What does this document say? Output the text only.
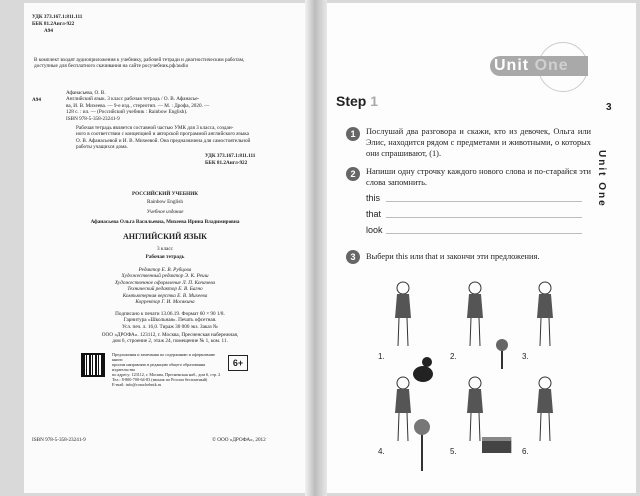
УДК 373.167.1:811.111
ББК 81.2Англ-922
А94
В комплект входят аудиоприложения к учебнику, рабочей тетради и диагностическим работам,
доступные для бесплатного скачивания на сайте росучебник.рф/audio
А94
Афанасьева, О. В.
Английский язык. 3 класс рабочая тетрадь / О. В. Афанасье-
ва, И. В. Михеева. — 9-е изд., стереотип. — М. : Дрофа, 2020. —
128 с. : ил. — (Российский учебник : Rainbow English).
ISBN 978-5-358-23241-9
Рабочая тетрадь является составной частью УМК для 3 класса, создан-
ного в соответствии с концепцией и авторской программой английского языка
О. В. Афанасьевой и И. В. Михеевой. Она предназначена для самостоятельной
работы учащихся дома.
УДК 373.167.1:811.111
ББК 81.2Англ-922
РОССИЙСКИЙ УЧЕБНИК
Rainbow English
Учебное издание
Афанасьева Ольга Васильевна, Михеева Ирина Владимировна
АНГЛИЙСКИЙ ЯЗЫК
3 класс
Рабочая тетрадь
Редактор Е. В. Рубцова
Художественный редактор Э. К. Реиш
Художественное оформление Л. П. Копачева
Технический редактор Е. В. Багно
Компьютерная верстка Е. В. Михеева
Корректор Г. И. Мосякина
Подписано к печати 13.06.19. Формат 60 × 90 1/8.
Гарнитура «Школьная». Печать офсетная.
Усл. печ. л. 16,0. Тираж 30 000 экз. Заказ №
ООО «ДРОФА». 123112, г. Москва, Пресненская набережная,
дом 6, строение 2, этаж 24, помещение № 1, ком. 11.
Предложения и замечания по содержанию и оформлению книги
просим направлять в редакцию общего образования издательства
по адресу: 123112, г. Москва, Пресненская наб., дом 6, стр. 2
Тел.: 8-800-700-64-83 (звонок по России бесплатный)
E-mail: info@rosuchebnik.ru
6+
ISBN 978-5-358-23241-9	© ООО «ДРОФА», 2012
Unit One
Step 1	3
Unit One
1	Послушай два разговора и скажи, кто из девочек, Ольга или Элис, находится рядом с предметами и животными, о которых они спрашивают, (1).
2	Напиши одну строчку каждого нового слова и по-старайся эти слова запомнить.
this
that
look
3	Выбери this или that и закончи эти предложения.
1.	2.	3.
4.	5.	6.
